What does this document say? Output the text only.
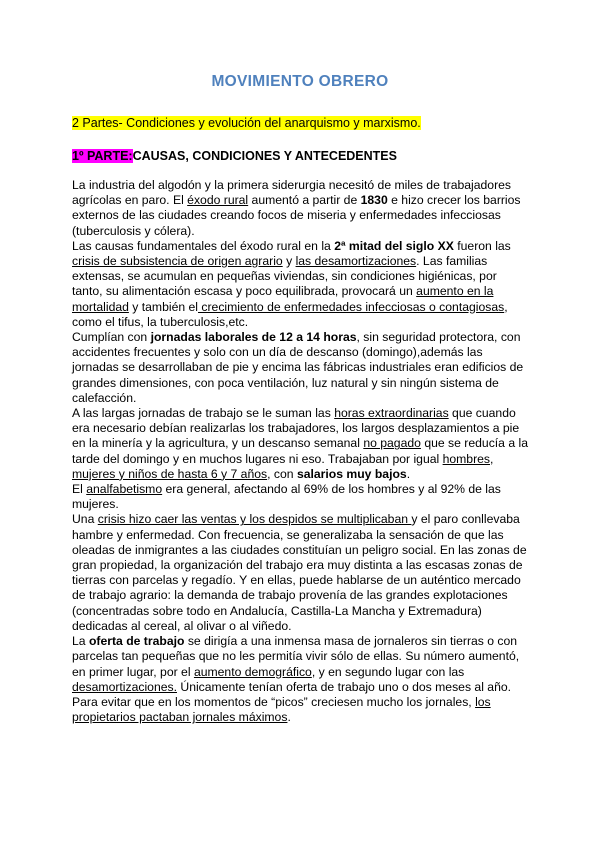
MOVIMIENTO OBRERO
2 Partes- Condiciones y evolución del anarquismo y marxismo.
1º PARTE:CAUSAS, CONDICIONES Y ANTECEDENTES

La industria del algodón y la primera siderurgia necesitó de miles de trabajadores agrícolas en paro. El éxodo rural aumentó a partir de 1830 e hizo crecer los barrios externos de las ciudades creando focos de miseria y enfermedades infecciosas (tuberculosis y cólera).

Las causas fundamentales del éxodo rural en la 2ª mitad del siglo XX fueron las crisis de subsistencia de origen agrario y las desamortizaciones. Las familias extensas, se acumulan en pequeñas viviendas, sin condiciones higiénicas, por tanto, su alimentación escasa y poco equilibrada, provocará un aumento en la mortalidad y también el crecimiento de enfermedades infecciosas o contagiosas, como el tifus, la tuberculosis,etc.

Cumplían con jornadas laborales de 12 a 14 horas, sin seguridad protectora, con accidentes frecuentes y solo con un día de descanso (domingo),además las jornadas se desarrollaban de pie y encima las fábricas industriales eran edificios de grandes dimensiones, con poca ventilación, luz natural y sin ningún sistema de calefacción.

A las largas jornadas de trabajo se le suman las horas extraordinarias que cuando era necesario debían realizarlas los trabajadores, los largos desplazamientos a pie en la minería y la agricultura, y un descanso semanal no pagado que se reducía a la tarde del domingo y en muchos lugares ni eso. Trabajaban por igual hombres, mujeres y niños de hasta 6 y 7 años, con salarios muy bajos.

El analfabetismo era general, afectando al 69% de los hombres y al 92% de las mujeres.

Una crisis hizo caer las ventas y los despidos se multiplicaban y el paro conllevaba hambre y enfermedad. Con frecuencia, se generalizaba la sensación de que las oleadas de inmigrantes a las ciudades constituían un peligro social. En las zonas de gran propiedad, la organización del trabajo era muy distinta a las escasas zonas de tierras con parcelas y regadío. Y en ellas, puede hablarse de un auténtico mercado de trabajo agrario: la demanda de trabajo provenía de las grandes explotaciones (concentradas sobre todo en Andalucía, Castilla-La Mancha y Extremadura) dedicadas al cereal, al olivar o al viñedo.

La oferta de trabajo se dirigía a una inmensa masa de jornaleros sin tierras o con parcelas tan pequeñas que no les permitía vivir sólo de ellas. Su número aumentó, en primer lugar, por el aumento demográfico, y en segundo lugar con las desamortizaciones. Únicamente tenían oferta de trabajo uno o dos meses al año. Para evitar que en los momentos de “picos” creciesen mucho los jornales, los propietarios pactaban jornales máximos.
